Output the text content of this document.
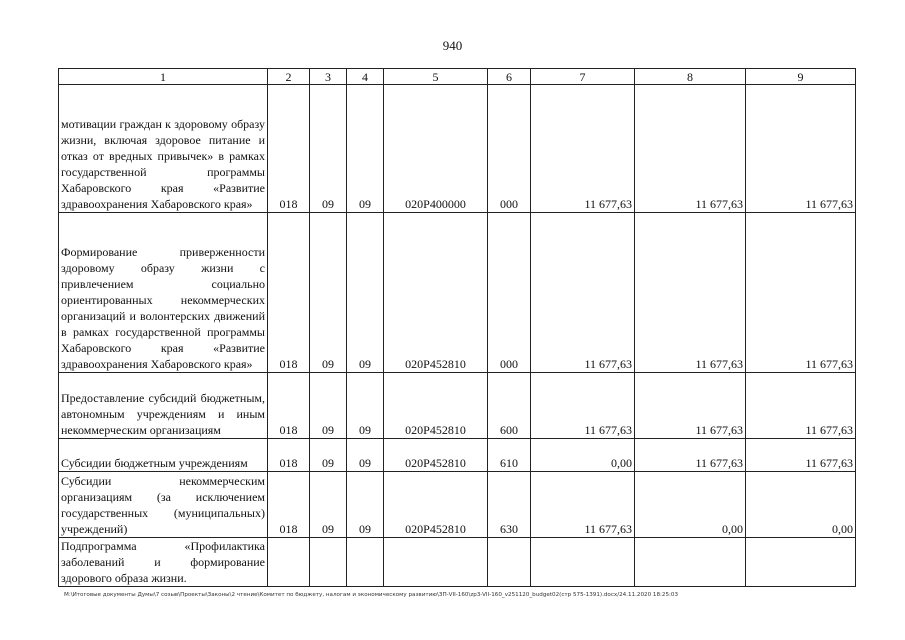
940
1	2	3	4	5	6	7	8	9
мотивации граждан к здоровому образу жизни, включая здоровое питание и отказ от вредных привычек» в рамках государственной программы Хабаровского края «Развитие здравоохранения Хабаровского края»	018	09	09	020P400000	000	11 677,63	11 677,63	11 677,63
Формирование приверженности здоровому образу жизни с привлечением социально ориентированных некоммерческих организаций и волонтерских движений в рамках государственной программы Хабаровского края «Развитие здравоохранения Хабаровского края»	018	09	09	020P452810	000	11 677,63	11 677,63	11 677,63
Предоставление субсидий бюджетным, автономным учреждениям и иным некоммерческим организациям	018	09	09	020P452810	600	11 677,63	11 677,63	11 677,63
Субсидии бюджетным учреждениям	018	09	09	020P452810	610	0,00	11 677,63	11 677,63
Субсидии некоммерческим организациям (за исключением государственных (муниципальных) учреждений)	018	09	09	020P452810	630	11 677,63	0,00	0,00
Подпрограмма «Профилактика заболеваний и формирование здорового образа жизни.								
M:\Итоговые документы Думы\7 созыв\Проекты\Законы\2 чтение\Комитет по бюджету, налогам и экономическому развитию\ЗП-VII-160\zp3-VII-160_v251120_budget02(стр 575-1391).docx/24.11.2020 18:25:03
